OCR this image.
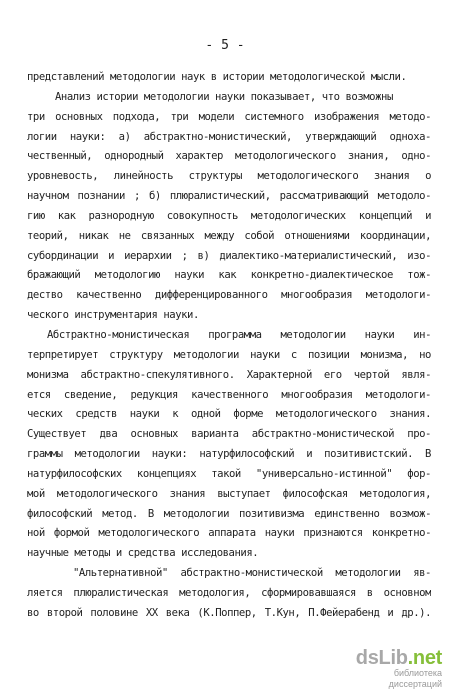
- 5 -
представлений методологии наук в истории методологической мысли.
Анализ истории методологии науки показывает, что возможны
три основных подхода, три модели системного изображения методо-
логии науки: а) абстрактно-монистический, утверждающий одноха-
чественный, однородный характер методологического знания, одно-
уровневость, линейность структуры методологического знания о
научном познании ; б) плюралистический, рассматривающий методоло-
гию как разнородную совокупность методологических концепций и
теорий, никак не связанных между собой отношениями координации,
субординации и иерархии ; в) диалектико-материалистический, изо-
бражающий методологию науки как конкретно-диалектическое тож-
дество качественно дифференцированного многообразия методологи-
ческого инструментария науки.
Абстрактно-монистическая программа методологии науки ин-
терпретирует структуру методологии науки с позиции монизма, но
монизма абстрактно-спекулятивного. Характерной его чертой явля-
ется сведение, редукция качественного многообразия методологи-
ческих средств науки к одной форме методологического знания.
Существует два основных варианта абстрактно-монистической про-
граммы методологии науки: натурфилософский и позитивистский. В
натурфилософских концепциях такой "универсально-истинной" фор-
мой методологического знания выступает философская методология,
философский метод. В методологии позитивизма единственно возмож-
ной формой методологического аппарата науки признаются конкретно-
научные методы и средства исследования.
"Альтернативной" абстрактно-монистической методологии яв-
ляется плюралистическая методология, сформировавшаяся в основном
во второй половине XX века (К.Поппер, Т.Кун, П.Фейерабенд и др.).
dsLib.net
библиотека диссертаций
